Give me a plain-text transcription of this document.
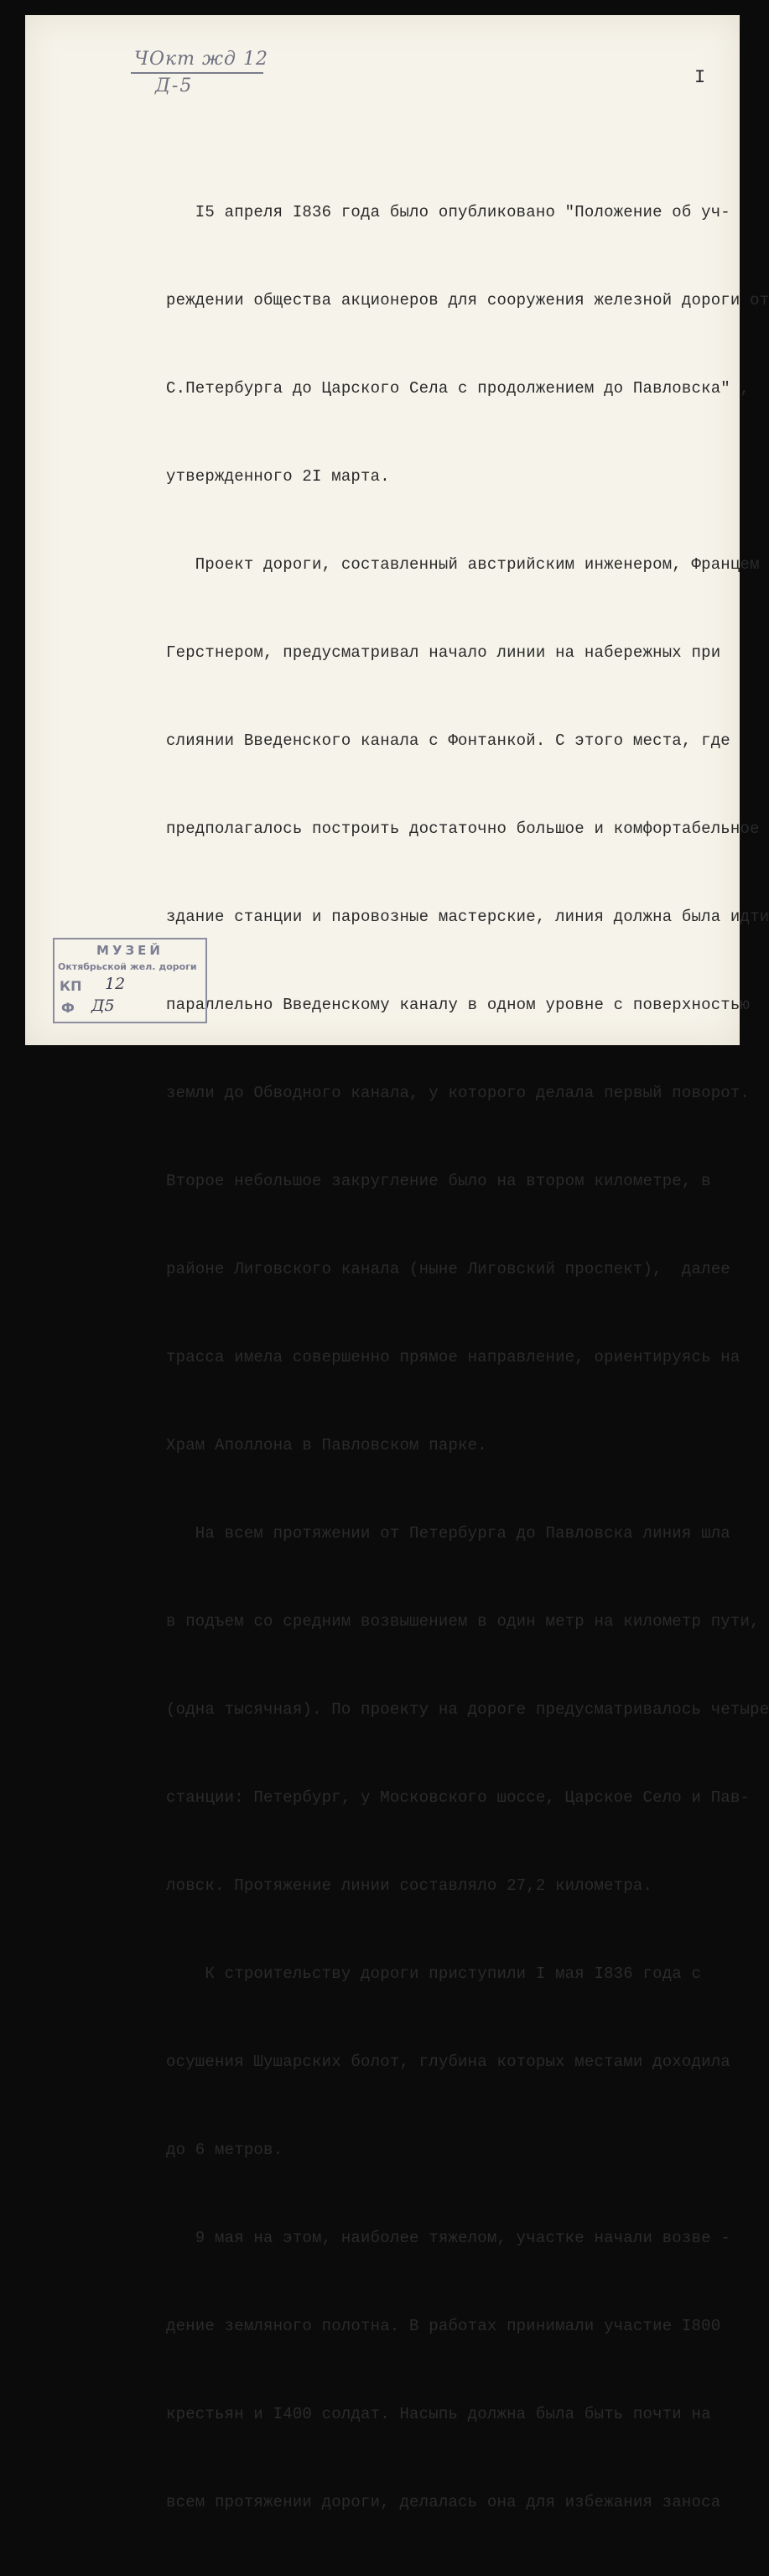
ЧОкт жд 12
Д-5	I

I5 апреля I836 года было опубликовано "Положение об уч-

реждении общества акционеров для сооружения железной дороги от

С.Петербурга до Царского Села с продолжением до Павловска" ,

утвержденного 2I марта.

Проект дороги, составленный австрийским инженером, Францем

Герстнером, предусматривал начало линии на набережных при

слиянии Введенского канала с Фонтанкой. С этого места, где

предполагалось построить достаточно большое и комфортабельное

здание станции и паровозные мастерские, линия должна была идти

параллельно Введенскому каналу в одном уровне с поверхностью

земли до Обводного канала, у которого делала первый поворот.

Второе небольшое закругление было на втором километре, в

районе Лиговского канала (ныне Лиговский проспект),  далее

трасса имела совершенно прямое направление, ориентируясь на

Храм Аполлона в Павловском парке.

На всем протяжении от Петербурга до Павловска линия шла

в подъем со средним возвышением в один метр на километр пути,

(одна тысячная). По проекту на дороге предусматривалось четыре

станции: Петербург, у Московского шоссе, Царское Село и Пав-

ловск. Протяжение линии составляло 27,2 километра.

К строительству дороги приступили I мая I836 года с

осушения Шушарских болот, глубина которых местами доходила

до 6 метров.

9 мая на этом, наиболее тяжелом, участке начали возве -

дение земляного полотна. В работах принимали участие I800

крестьян и I400 солдат. Насыпь должна была быть почти на

всем протяжении дороги, делалась она для избежания заноса

МУЗЕЙ
Октябрьской жел. дороги
КП 12
Ф Д5
